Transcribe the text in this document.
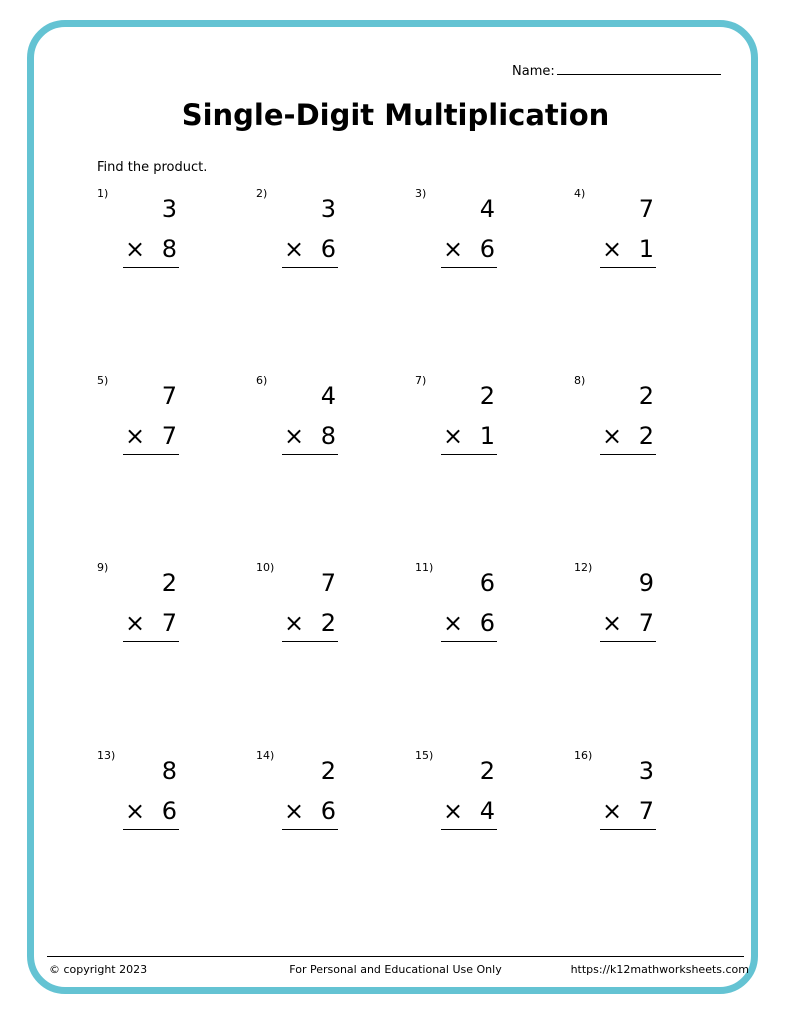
Name:
Single-Digit Multiplication
Find the product.
1)
3
× 8
2)
3
× 6
3)
4
× 6
4)
7
× 1
5)
7
× 7
6)
4
× 8
7)
2
× 1
8)
2
× 2
9)
2
× 7
10)
7
× 2
11)
6
× 6
12)
9
× 7
13)
8
× 6
14)
2
× 6
15)
2
× 4
16)
3
× 7
© copyright 2023	For Personal and Educational Use Only	https://k12mathworksheets.com
